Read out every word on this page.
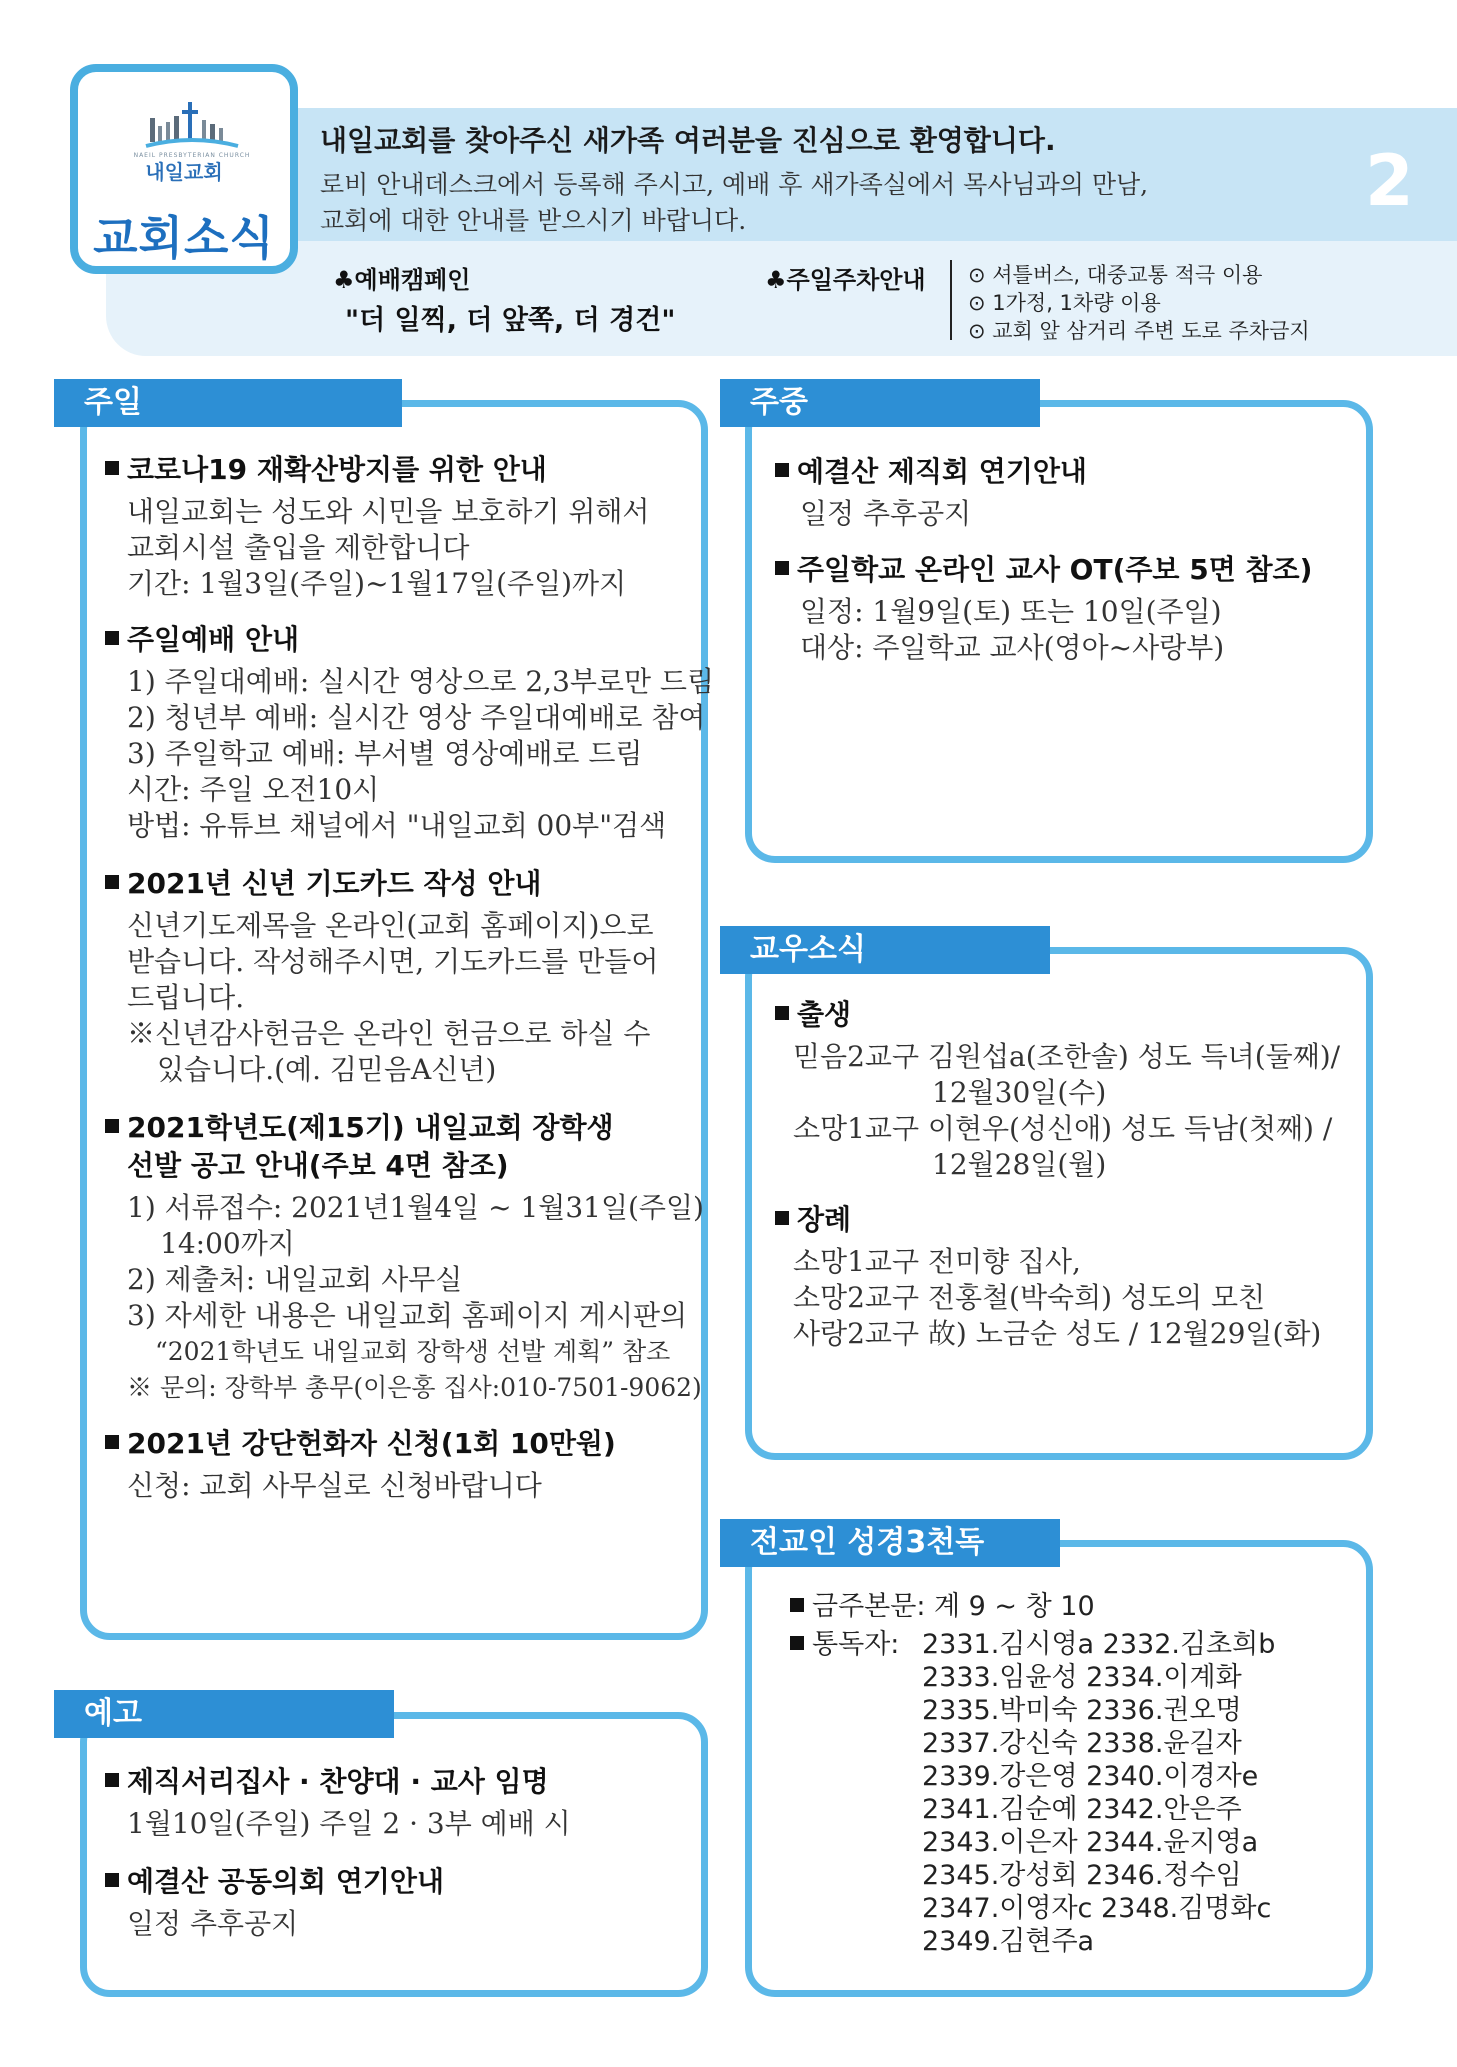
NAEIL PRESBYTERIAN CHURCH
내일교회
교회소식
내일교회를 찾아주신 새가족 여러분을 진심으로 환영합니다.
로비 안내데스크에서 등록해 주시고, 예배 후 새가족실에서 목사님과의 만남,
교회에 대한 안내를 받으시기 바랍니다.	2
♣예배캠페인
"더 일찍, 더 앞쪽, 더 경건"
♣주일주차안내 ⊙ 셔틀버스, 대중교통 적극 이용
⊙ 1가정, 1차량 이용
⊙ 교회 앞 삼거리 주변 도로 주차금지
주일
코로나19 재확산방지를 위한 안내
내일교회는 성도와 시민을 보호하기 위해서
교회시설 출입을 제한합니다
기간: 1월3일(주일)~1월17일(주일)까지
주일예배 안내
1) 주일대예배: 실시간 영상으로 2,3부로만 드림
2) 청년부 예배: 실시간 영상 주일대예배로 참여
3) 주일학교 예배: 부서별 영상예배로 드림
시간: 주일 오전10시
방법: 유튜브 채널에서 "내일교회 00부"검색
2021년 신년 기도카드 작성 안내
신년기도제목을 온라인(교회 홈페이지)으로
받습니다. 작성해주시면, 기도카드를 만들어
드립니다.
※신년감사헌금은 온라인 헌금으로 하실 수
있습니다.(예. 김믿음A신년)
2021학년도(제15기) 내일교회 장학생
선발 공고 안내(주보 4면 참조)
1) 서류접수: 2021년1월4일 ~ 1월31일(주일)
14:00까지
2) 제출처: 내일교회 사무실
3) 자세한 내용은 내일교회 홈페이지 게시판의
“2021학년도 내일교회 장학생 선발 계획” 참조
※ 문의: 장학부 총무(이은홍 집사:010-7501-9062)
2021년 강단헌화자 신청(1회 10만원)
신청: 교회 사무실로 신청바랍니다
예고
제직서리집사 · 찬양대 · 교사 임명
1월10일(주일) 주일 2 · 3부 예배 시
예결산 공동의회 연기안내
일정 추후공지
주중
예결산 제직회 연기안내
일정 추후공지
주일학교 온라인 교사 OT(주보 5면 참조)
일정: 1월9일(토) 또는 10일(주일)
대상: 주일학교 교사(영아~사랑부)
교우소식
출생
믿음2교구 김원섭a(조한솔) 성도 득녀(둘째)/
12월30일(수)
소망1교구 이현우(성신애) 성도 득남(첫째) /
12월28일(월)
장례
소망1교구 전미향 집사,
소망2교구 전홍철(박숙희) 성도의 모친
사랑2교구 故) 노금순 성도 / 12월29일(화)
전교인 성경3천독
금주본문: 계 9 ~ 창 10
통독자: 2331.김시영a 2332.김초희b
2333.임윤성 2334.이계화
2335.박미숙 2336.권오명
2337.강신숙 2338.윤길자
2339.강은영 2340.이경자e
2341.김순예 2342.안은주
2343.이은자 2344.윤지영a
2345.강성회 2346.정수임
2347.이영자c 2348.김명화c
2349.김현주a
